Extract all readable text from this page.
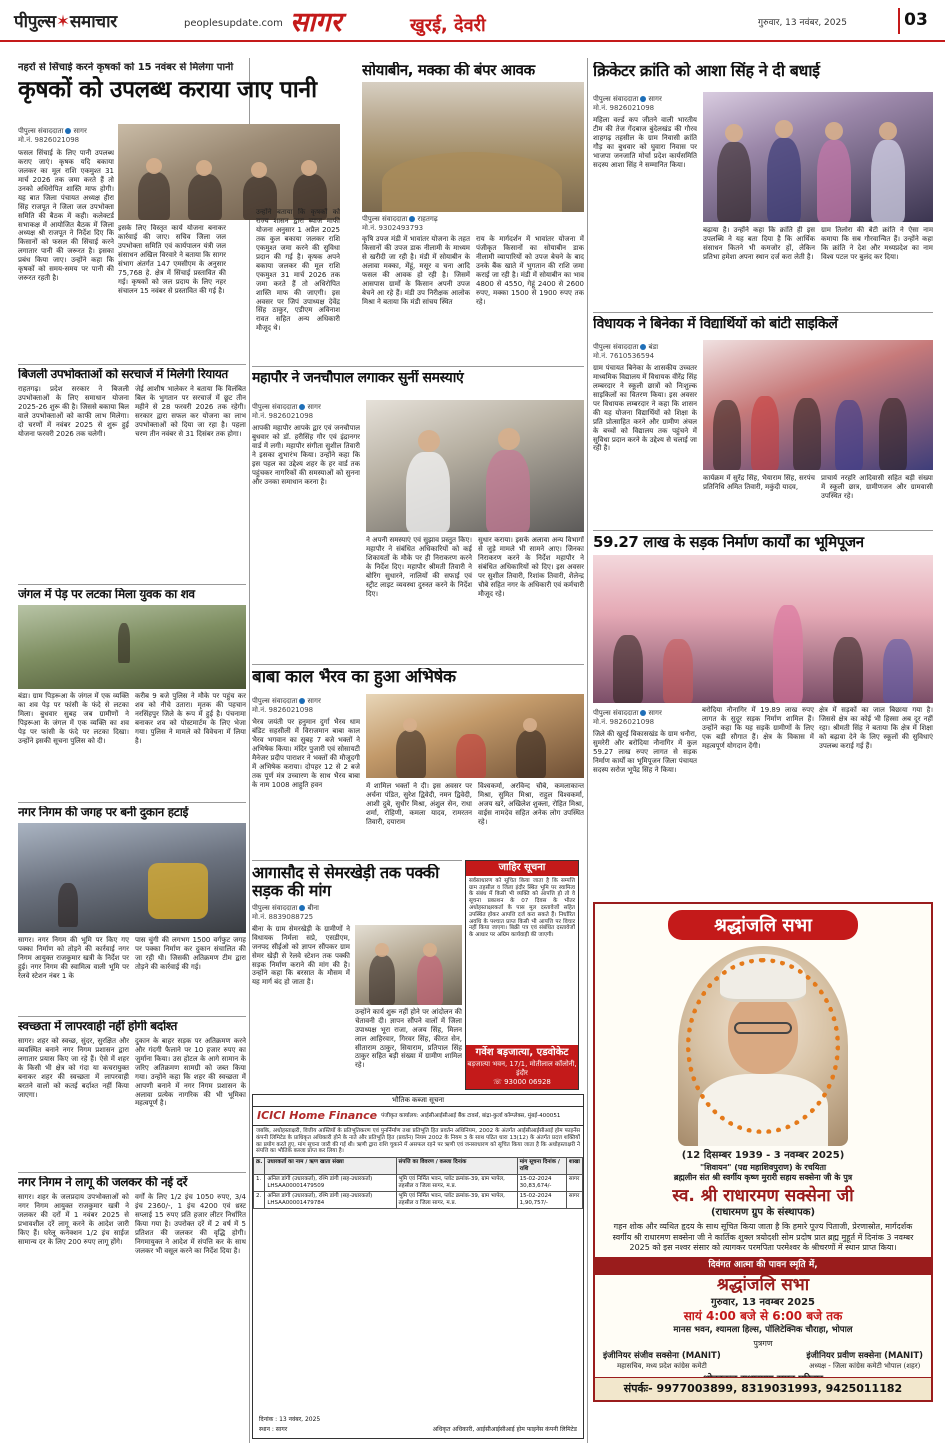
पीपुल्स✶समाचार	peoplesupdate.com सागर	खुरई, देवरी	गुरुवार, 13 नवंबर, 2025	03
नहरों से सिंचाई करने कृषकों को 15 नवंबर से मिलेगा पानी
कृषकों को उपलब्ध कराया जाए पानी
पीपुल्स संवाददाता सागर
मो.नं. 9826021098
फसल सिंचाई के लिए पानी उपलब्ध कराए जाएं। कृषक यदि बकाया जलकर का मूल राशि एकमुश्त 31 मार्च 2026 तक जमा करते हैं तो उनको अधिरोपित शास्ति माफ होगी। यह बात जिला पंचायत अध्यक्ष हीरा सिंह राजपूत ने जिला जल उपभोक्ता समिति की बैठक में कही। कलेक्टर्ड सभाकक्ष में आयोजित बैठक में जिला अध्यक्ष श्री राजपूत ने निर्देश दिए कि किसानों को फसल की सिंचाई करने लगातार पानी की जरूरत है। इसका प्रबंध किया जाए। उन्होंने कहा कि कृषकों को समय-समय पर पानी की जरूरत रहती है।
इसके लिए विस्तृत कार्य योजना बनाकर कार्रवाई की जाए। सचिव जिला जल उपभोक्ता समिति एवं कार्यपालन यंत्री जल संसाधन अखिल विरवारे ने बताया कि सागर संभाग अंतर्गत 147 एमसीएम के अनुसार 75,768 हे. क्षेत्र में सिंचाई प्रस्तावित की गई। कृषकों को जल प्रदाय के लिए नहर संचालन 15 नवंबर से प्रस्तावित की गई है।
उन्होंने बताया कि कृषकों को राज्य शासन द्वारा ब्याज माफी योजना अनुसार 1 अप्रैल 2025 तक कुल बकाया जलकर राशि एकमुश्त जमा करने की सुविधा प्रदान की गई है। कृषक अपने बकाया जलकर की मूल राशि एकमुश्त 31 मार्च 2026 तक जमा करते हैं तो अधिरोपित शास्ति माफ की जाएगी। इस अवसर पर जिपं उपाध्यक्ष देवेंद्र सिंह ठाकुर, एडीएम अविनाश रावत सहित अन्य अधिकारी मौजूद थे।
बिजली उपभोक्ताओं को सरचार्ज में मिलेगी रियायत
राहतगढ़। प्रदेश सरकार ने बिजली उपभोक्ताओं के लिए समाधान योजना 2025-26 शुरू की है। जिससे बकाया बिल वाले उपभोक्ताओं को काफी लाभ मिलेगा। दो चरणों में नवंबर 2025 से शुरू हुई योजना फरवरी 2026 तक चलेगी।
जेई आशीष भालेकर ने बताया कि विलंबित बिल के भुगतान पर सरचार्ज में छूट तीन महीने से 28 फरवरी 2026 तक रहेगी। सरकार द्वारा सफल कर योजना का लाभ उपभोक्ताओं को दिया जा रहा है। पहला चरण तीन नवंबर से 31 दिसंबर तक होगा।
जंगल में पेड़ पर लटका मिला युवक का शव
बंडा। ग्राम पिड़रूआ के जंगल में एक व्यक्ति का शव पेड़ पर फांसी के फंदे से लटका मिला। बुधवार सुबह जब ग्रामीणों ने पिड़रूआ के जंगल में एक व्यक्ति का शव पेड़ पर फांसी के फंदे पर लटका दिखा। उन्होंने इसकी सूचना पुलिस को दी।
करीब 9 बजे पुलिस ने मौके पर पहुंच कर शव को नीचे उतारा। मृतक की पहचान नरसिंहपुर जिले के रूप में हुई है। पंचनामा बनाकर शव को पोस्टमार्टम के लिए भेजा गया। पुलिस ने मामले को विवेचना में लिया है।
नगर निगम की जगह पर बनी दुकान हटाई
सागर। नगर निगम की भूमि पर किए गए पक्का निर्माण को तोड़ने की कार्रवाई नगर निगम आयुक्त राजकुमार खत्री के निर्देश पर हुई। नगर निगम की स्वामित्व वाली भूमि पर रेलवे स्टेशन नंबर 1 के
पास चुंगी की लगभग 1500 वर्गफुट जगह पर पक्का निर्माण कर दुकान संचालित की जा रही थी। जिसकी अतिक्रमण टीम द्वारा तोड़ने की कार्रवाई की गई।
स्वच्छता में लापरवाही नहीं होगी बर्दाश्त
सागर। शहर को स्वच्छ, सुंदर, सुरक्षित और व्यवस्थित बनाने नगर निगम प्रशासन द्वारा लगातार प्रयास किए जा रहे हैं। ऐसे में शहर के किसी भी क्षेत्र को गंदा या कचरायुक्त बनाकर शहर की स्वच्छता में लापरवाही बरतने वालों को कतई बर्दाश्त नहीं किया जाएगा।
दुकान के बाहर सड़क पर अतिक्रमण करने और गंदगी फैलाने पर 10 हजार रुपए का जुर्माना किया। उस होटल के आगे सामान के जरिए अतिक्रमण सामग्री को जब्त किया गया। उन्होंने कहा कि शहर की स्वच्छता में आपणी बनाने में नगर निगम प्रशासन के अलावा प्रत्येक नागरिक की भी भूमिका महत्वपूर्ण है।
नगर निगम ने लागू की जलकर की नई दरें
सागर। शहर के जलप्रदाय उपभोक्ताओं को नगर निगम आयुक्त राजकुमार खत्री ने जलकर की दरों में 1 नवंबर 2025 से प्रभावशील दरें लागू करने के आदेश जारी किए हैं। घरेलू कनेक्शन 1/2 इंच साईज सामान्य दर के लिए 200 रुपए लागू होंगे।
वर्गों के लिए 1/2 इंच 1050 रुपए, 3/4 इंच 2360/-, 1 इंच 4200 एवं थ्रस्ट सप्लाई 15 रुपए प्रति हजार लीटर निर्धारित किया गया है। उपरोक्त दरें में 2 वर्ष में 5 प्रतिशत की जलकर की वृद्धि होगी। निगमायुक्त ने आदेश में संपत्ति कर के साथ जलकर भी वसूल करने का निर्देश दिया है।
सोयाबीन, मक्का की बंपर आवक
पीपुल्स संवाददाता राहतगढ़
मो.नं. 9302493793
कृषि उपज मंडी में भावांतर योजना के तहत किसानों की उपज डाक नीलामी के माध्यम से खरीदी जा रही है। मंडी में सोयाबीन के अलावा मक्का, मेंहूं, मसूर व चना आदि फसल की आवक हो रही है। जिसमें आसपास ग्रामों के किसान अपनी उपज बेचने आ रहे हैं। मंडी उप निरीक्षक आलोक मिश्रा ने बताया कि मंडी सांचय स्थित
राय के मार्गदर्शन में भावांतर योजना में पंजीकृत किसानों का सोयाबीन डाक नीलामी व्यापारियों को उपज बेचने के बाद उनके बैंक खाते में भुगतान की राशि जमा कराई जा रही है। मंडी में सोयाबीन का भाव 4800 से 4550, गेहूं 2400 से 2600 रुपए, मक्का 1500 से 1900 रुपए तक रहे।
महापौर ने जनचौपाल लगाकर सुनीं समस्याएं
पीपुल्स संवाददाता सागर
मो.नं. 9826021098
आपकी महापौर आपके द्वार एवं जनचौपाल बुधवार को डॉ. हरीसिंह गौर एवं इंद्रानगर वार्ड में लगी। महापौर संगीता सुशील तिवारी ने इसका शुभारंभ किया। उन्होंने कहा कि इस पहल का उद्देश्य शहर के हर वार्ड तक पहुंचकर नागरिकों की समस्याओं को सुनना और उनका समाधान करना है।
ने अपनी समस्याएं एवं सुझाव प्रस्तुत किए। महापौर ने संबंधित अधिकारियों को कई शिकायतों के मौके पर ही निराकरण करने के निर्देश दिए। महापौर श्रीमती तिवारी ने बोरिंग सुधारने, नालियों की सफाई एवं स्ट्रीट लाइट व्यवस्था दुरुस्त करने के निर्देश दिए।
सुधार कराया। इसके अलावा अन्य विभागों से जुड़े मामले भी सामने आए। जिनका निराकरण करने के निर्देश महापौर ने संबंधित अधिकारियों को दिए। इस अवसर पर सुशील तिवारी, रिशांक तिवारी, शैलेन्द्र चौबे सहित नगर के अधिकारी एवं कर्मचारी मौजूद रहे।
बाबा काल भैरव का हुआ अभिषेक
पीपुल्स संवाददाता सागर
मो.नं. 9826021098
भैरव जयंती पर हनुमान दुर्गा भैरव धाम बंडिट सहसीली में विराजमान बाबा काल भैरव भगवान का सुबह 7 बजे भक्तों ने अभिषेक किया। मंदिर पुजारी एवं सोसायटी मैनेजर प्रदीप पाराशर ने भक्तों की मौजूदगी में अभिषेक कराया। दोपहर 12 से 2 बजे तक पूर्ण मंत्र उच्चारण के साथ भैरव बाबा के नाम 1008 आहुति हवन	में शामिल भक्तों ने दी। इस अवसर पर अर्चना पंडित, सुरेश द्विवेदी, नमन द्विवेदी, आशी दुबे, सुधीर मिश्रा, अंशुल सेन, राधा शर्मा, रोहिणी, कमला यादव, रामरतन तिवारी, दयाराम
विश्वकर्मा, अरविन्द चौबे, कमलाकान्त मिश्रा, सुमित मिश्रा, राहुल विश्वकर्मा, अजय खरे, अखिलेश शुक्ला, रोहित मिश्रा, वाईस नामदेव सहित अनेक लोग उपस्थित रहे।
आगासौद से सेमरखेड़ी तक पक्की सड़क की मांग
पीपुल्स संवाददाता बीना
मो.नं. 8839088725
बीना के ग्राम सेमरखेड़ी के ग्रामीणों ने विधायक निर्मला सप्रे, एसडीएम, जनपद सीईओ को ज्ञापन सौंपकर ग्राम सेमर खेड़ी से रेलवे स्टेशन तक पक्की सड़क निर्माण कराने की मांग की है। उन्होंने कहा कि बरसात के मौसम में यह मार्ग बंद हो जाता है।
उन्होंने कार्य शुरू नहीं होने पर आंदोलन की चेतावनी दी। ज्ञापन सौंपने वालों में जिला उपाध्यक्ष भूरा राजा, अजय सिंह, मिलन लाल आहिरवार, गिरवर सिंह, कीरत सेन, सीताराम ठाकुर, सियाराम, प्रतिपाल सिंह ठाकुर सहित बड़ी संख्या में ग्रामीण शामिल रहे।
जाहिर सूचना
सर्वसाधारण को सूचित किया जाता है कि सम्पत्ति ग्राम तहसील व जिला इंदौर स्थित भूमि पर स्वामित्व के संबंध में किसी भी व्यक्ति को आपत्ति हो तो वे सूचना प्रकाशन के 07 दिवस के भीतर अधोहस्ताक्षरकर्ता के पास मूल दस्तावेजों सहित उपस्थित होकर आपत्ति दर्ज करा सकते हैं। निर्धारित अवधि के पश्चात प्राप्त किसी भी आपत्ति पर विचार नहीं किया जाएगा। बिक्री पत्र एवं संबंधित दस्तावेजों के आधार पर अग्रिम कार्यवाही की जाएगी।
गर्वेश बड़जात्या, एडवोकेट
बड़जात्या भवन, 17/1, मोतीलाल कॉलोनी, इंदौर
☏ 93000 06928
भौतिक कब्जा सूचना
ICICI Home Finance पंजीकृत कार्यालय: आईसीआईसीआई बैंक टावर्स, बांद्रा-कुर्ला कॉम्प्लेक्स, मुंबई-400051
जबकि, अधोहस्ताक्षरी, वित्तीय आस्तियों के प्रतिभूतिकरण एवं पुनर्निर्माण तथा प्रतिभूति हित प्रवर्तन अधिनियम, 2002 के अंतर्गत आईसीआईसीआई होम फाइनेंस कंपनी लिमिटेड के प्राधिकृत अधिकारी होने के नाते और प्रतिभूति हित (प्रवर्तन) नियम 2002 के नियम 3 के साथ पठित धारा 13(12) के अंतर्गत प्रदत्त शक्तियों का प्रयोग करते हुए, मांग सूचना जारी की गई थी। ऋणी द्वारा राशि चुकाने में असफल रहने पर ऋणी एवं जनसाधारण को सूचित किया जाता है कि अधोहस्ताक्षरी ने संपत्ति का भौतिक कब्जा प्राप्त कर लिया है।
क्र.	उधारकर्ता का नाम / ऋण खाता संख्या	संपत्ति का विवरण / कब्जा दिनांक	मांग सूचना दिनांक / राशि	शाखा
1.	अनिल डांगी (उधारकर्ता), रश्मि डांगी (सह-उधारकर्ता) LHSAA00001479509	भूमि एवं निर्मित भवन, प्लॉट क्रमांक-39, ग्राम भापेल, तहसील व जिला सागर, म.प्र.	15-02-2024
30,83,674/-	सागर
2.	अनिल डांगी (उधारकर्ता), रश्मि डांगी (सह-उधारकर्ता) LHSAA00001479784	भूमि एवं निर्मित भवन, प्लॉट क्रमांक-39, ग्राम भापेल, तहसील व जिला सागर, म.प्र.	15-02-2024
1,90,757/-	सागर
दिनांक : 13 नवंबर, 2025
स्थान : सागर	अधिकृत अधिकारी, आईसीआईसीआई होम फाइनेंस कंपनी लिमिटेड
क्रिकेटर क्रांति को आशा सिंह ने दी बधाई
पीपुल्स संवाददाता सागर
मो.नं. 9826021098
महिला वर्ल्ड कप जीतने वाली भारतीय टीम की तेज गेंदबाज बुंदेलखंड की गौरव शाहगढ़ तहसील के ग्राम निवासी क्रांति गौड़ का बुधवार को घुवारा निवास पर भाजपा जनजाति मोर्चा प्रदेश कार्यसमिति सदस्य आशा सिंह ने सम्मानित किया।
बढ़ाया है। उन्होंने कहा कि क्रांति ही इस उपलब्धि ने यह बता दिया है कि आर्थिक संसाधन कितने भी कमजोर हों, लेकिन प्रतिभा हमेशा अपना स्थान दर्ज करा लेती है।
ग्राम तिलोरा की बेटी क्रांति ने ऐसा नाम कमाया कि सब गौरवान्वित हैं। उन्होंने कहा कि क्रांति ने देश और मध्यप्रदेश का नाम विश्व पटल पर बुलंद कर दिया।
विधायक ने बिनेका में विद्यार्थियों को बांटी साइकिलें
पीपुल्स संवाददाता बंडा
मो.नं. 7610536594
ग्राम पंचायत बिनेका के शासकीय उच्चतर माध्यमिक विद्यालय में विधायक वीरेंद्र सिंह लम्बरदार ने स्कूली छात्रों को निःशुल्क साइकिलों का वितरण किया। इस अवसर पर विधायक लम्बरदार ने कहा कि शासन की यह योजना विद्यार्थियों को शिक्षा के प्रति प्रोत्साहित करने और ग्रामीण अंचल के बच्चों को विद्यालय तक पहुंचने में सुविधा प्रदान करने के उद्देश्य से चलाई जा रही है।
कार्यक्रम में सुरेंद्र सिंह, भैयाराम सिंह, सरपंच प्रतिनिधि अमित तिवारी, मकुंदी यादव,
प्राचार्य नरहरि आदिवासी सहित बड़ी संख्या में स्कूली छात्र, ग्रामीणजन और ग्रामवासी उपस्थित रहे।
59.27 लाख के सड़क निर्माण कार्यों का भूमिपूजन
पीपुल्स संवाददाता सागर
मो.नं. 9826021098
जिले की खुरई विकासखंड के ग्राम धनौरा, सुमरेरी और बरोदिया नौनागिर में कुल 59.27 लाख रुपए लागत से सड़क निर्माण कार्यों का भूमिपूजन जिला पंचायत सदस्य सरोज भूपेंद्र सिंह ने किया।
बरोदिया नौनागिर में 19.89 लाख रुपए लागत के सुदूर सड़क निर्माण शामिल हैं। उन्होंने कहा कि यह सड़कें ग्रामीणों के लिए एक बड़ी सौगात हैं। क्षेत्र के विकास में महत्वपूर्ण योगदान देंगी।
क्षेत्र में सड़कों का जाल बिछाया गया है। जिससे क्षेत्र का कोई भी हिस्सा अब दूर नहीं रहा। श्रीमती सिंह ने बताया कि क्षेत्र में शिक्षा को बढ़ावा देने के लिए स्कूलों की सुविधाएं उपलब्ध कराई गई हैं।
श्रद्धांजलि सभा
(12 दिसम्बर 1939 - 3 नवम्बर 2025)
"शिवायन" (पद्य महाशिवपुराण) के रचयिता
ब्रह्मलीन संत श्री स्वर्गीय कृष्ण मुरारी सहाय सक्सेना जी के पुत्र
स्व. श्री राधारमण सक्सेना जी
(राधारमण ग्रुप के संस्थापक)
गहन शोक और व्यथित हृदय के साथ सूचित किया जाता है कि हमारे पूज्य पिताजी, प्रेरणास्रोत, मार्गदर्शक स्वर्गीय श्री राधारमण सक्सेना जी ने कार्तिक शुक्ल त्रयोदशी सोम प्रदोष प्रात ब्रह्म मुहूर्त में दिनांक 3 नवम्बर 2025 को इस नश्वर संसार को त्यागकर परमपिता परमेश्वर के श्रीचरणों में स्थान प्राप्त किया।
दिवंगत आत्मा की पावन स्मृति में,
श्रद्धांजलि सभा
गुरुवार, 13 नवम्बर 2025
सायं 4:00 बजे से 6:00 बजे तक
मानस भवन, श्यामला हिल्स, पॉलिटेक्निक चौराहा, भोपाल
पुत्रगण
इंजीनियर संजीव सक्सेना (MANIT)
महासचिव, मध्य प्रदेश कांग्रेस कमेटी
इंजीनियर प्रवीण सक्सेना (MANIT)
अध्यक्ष - जिला कांग्रेस कमेटी भोपाल (शहर)
संपर्कः- 9977003899, 8319031993, 9425011182
